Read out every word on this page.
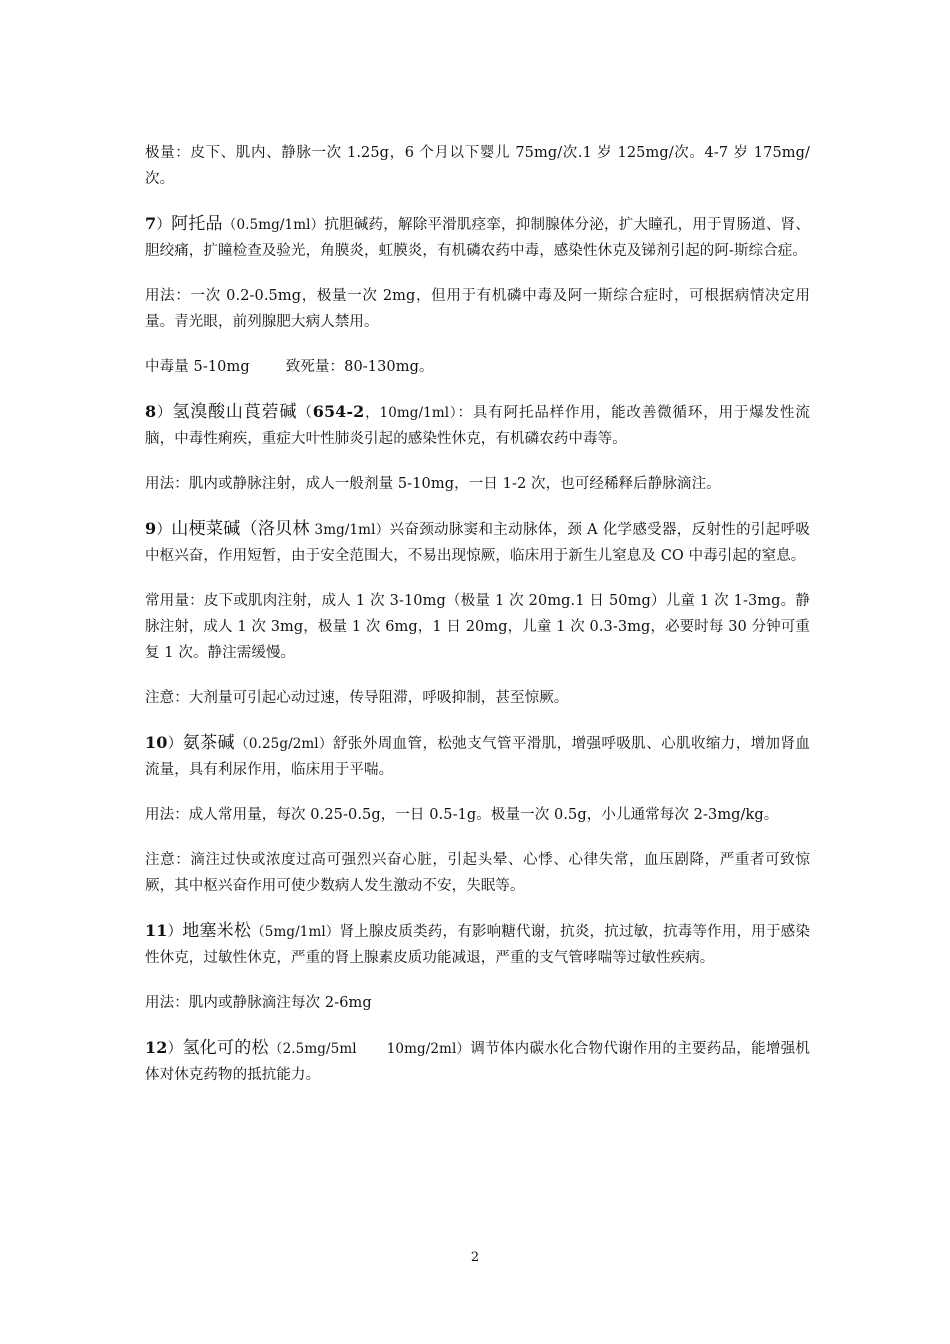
极量：皮下、肌内、静脉一次 1.25g，6 个月以下婴儿 75mg/次.1 岁 125mg/次。4-7 岁 175mg/次。

7）阿托品（0.5mg/1ml）抗胆碱药，解除平滑肌痉挛，抑制腺体分泌，扩大瞳孔，用于胃肠道、肾、胆绞痛，扩瞳检查及验光，角膜炎，虹膜炎，有机磷农药中毒，感染性休克及锑剂引起的阿-斯综合症。

用法：一次 0.2-0.5mg，极量一次 2mg，但用于有机磷中毒及阿一斯综合症时，可根据病情决定用量。青光眼，前列腺肥大病人禁用。

中毒量 5-10mg 致死量：80-130mg。

8）氢溴酸山莨菪碱（654-2，10mg/1ml）：具有阿托品样作用，能改善微循环，用于爆发性流脑，中毒性痢疾，重症大叶性肺炎引起的感染性休克，有机磷农药中毒等。

用法：肌内或静脉注射，成人一般剂量 5-10mg，一日 1-2 次，也可经稀释后静脉滴注。

9）山梗菜碱（洛贝林 3mg/1ml）兴奋颈动脉窦和主动脉体，颈 A 化学感受器，反射性的引起呼吸中枢兴奋，作用短暂，由于安全范围大，不易出现惊厥，临床用于新生儿窒息及 CO 中毒引起的窒息。

常用量：皮下或肌肉注射，成人 1 次 3-10mg（极量 1 次 20mg.1 日 50mg）儿童 1 次 1-3mg。静脉注射，成人 1 次 3mg，极量 1 次 6mg，1 日 20mg，儿童 1 次 0.3-3mg，必要时每 30 分钟可重复 1 次。静注需缓慢。

注意：大剂量可引起心动过速，传导阻滞，呼吸抑制，甚至惊厥。

10）氨茶碱（0.25g/2ml）舒张外周血管，松弛支气管平滑肌，增强呼吸肌、心肌收缩力，增加肾血流量，具有利尿作用，临床用于平喘。

用法：成人常用量，每次 0.25-0.5g，一日 0.5-1g。极量一次 0.5g，小儿通常每次 2-3mg/kg。

注意：滴注过快或浓度过高可强烈兴奋心脏，引起头晕、心悸、心律失常，血压剧降，严重者可致惊厥，其中枢兴奋作用可使少数病人发生激动不安，失眠等。

11）地塞米松（5mg/1ml）肾上腺皮质类药，有影响糖代谢，抗炎，抗过敏，抗毒等作用，用于感染性休克，过敏性休克，严重的肾上腺素皮质功能减退，严重的支气管哮喘等过敏性疾病。

用法：肌内或静脉滴注每次 2-6mg

12）氢化可的松（2.5mg/5ml 10mg/2ml）调节体内碳水化合物代谢作用的主要药品，能增强机体对休克药物的抵抗能力。

2
